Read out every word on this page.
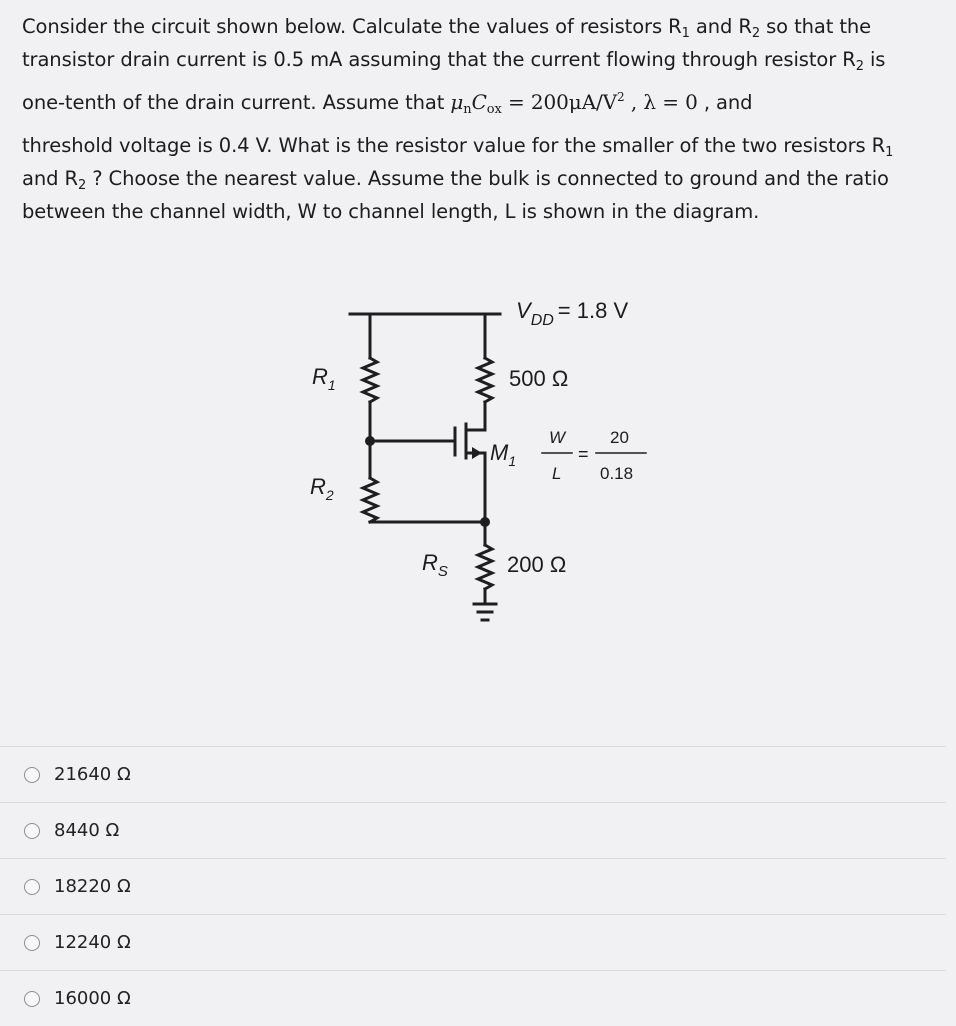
Consider the circuit shown below. Calculate the values of resistors $R_1$ and $R_2$ so that the
transistor drain current is 0.5 mA assuming that the current flowing through resistor $R_2$ is
one-tenth of the drain current. Assume that $\mu_nC_{ox} = 200\mu A/V^2$ , λ = 0 , and
threshold voltage is 0.4 V. What is the resistor value for the smaller of the two resistors $R_1$
and $R_2$ ? Choose the nearest value. Assume the bulk is connected to ground and the ratio
between the channel width, W to channel length, L is shown in the diagram.
$V_{DD} = 1.8$ V
$R_1$	500 Ω
$M_1$
W
L
=
20
0.18
$R_2$
$R_S$	200 Ω
21640 Ω
8440 Ω
18220 Ω
12240 Ω
16000 Ω
